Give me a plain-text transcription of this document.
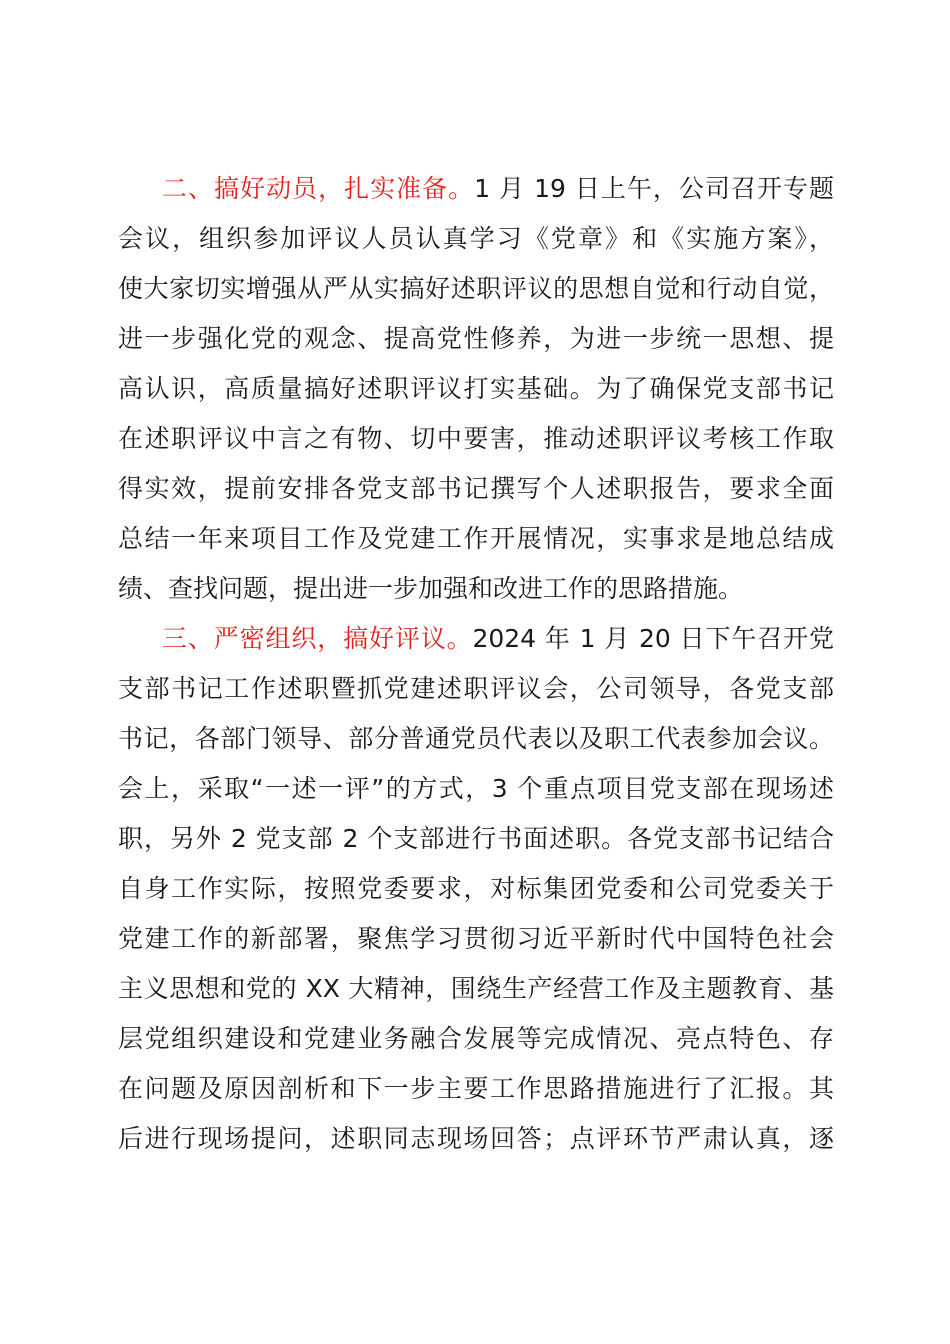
二、搞好动员，扎实准备。1 月 19 日上午，公司召开专题
会议，组织参加评议人员认真学习《党章》和《实施方案》，
使大家切实增强从严从实搞好述职评议的思想自觉和行动自觉，
进一步强化党的观念、提高党性修养，为进一步统一思想、提
高认识，高质量搞好述职评议打实基础。为了确保党支部书记
在述职评议中言之有物、切中要害，推动述职评议考核工作取
得实效，提前安排各党支部书记撰写个人述职报告，要求全面
总结一年来项目工作及党建工作开展情况，实事求是地总结成
绩、查找问题，提出进一步加强和改进工作的思路措施。
三、严密组织，搞好评议。2024 年 1 月 20 日下午召开党
支部书记工作述职暨抓党建述职评议会，公司领导，各党支部
书记，各部门领导、部分普通党员代表以及职工代表参加会议。
会上，采取“一述一评”的方式，3 个重点项目党支部在现场述
职，另外 2 党支部 2 个支部进行书面述职。各党支部书记结合
自身工作实际，按照党委要求，对标集团党委和公司党委关于
党建工作的新部署，聚焦学习贯彻习近平新时代中国特色社会
主义思想和党的 XX 大精神，围绕生产经营工作及主题教育、基
层党组织建设和党建业务融合发展等完成情况、亮点特色、存
在问题及原因剖析和下一步主要工作思路措施进行了汇报。其
后进行现场提问，述职同志现场回答；点评环节严肃认真，逐
